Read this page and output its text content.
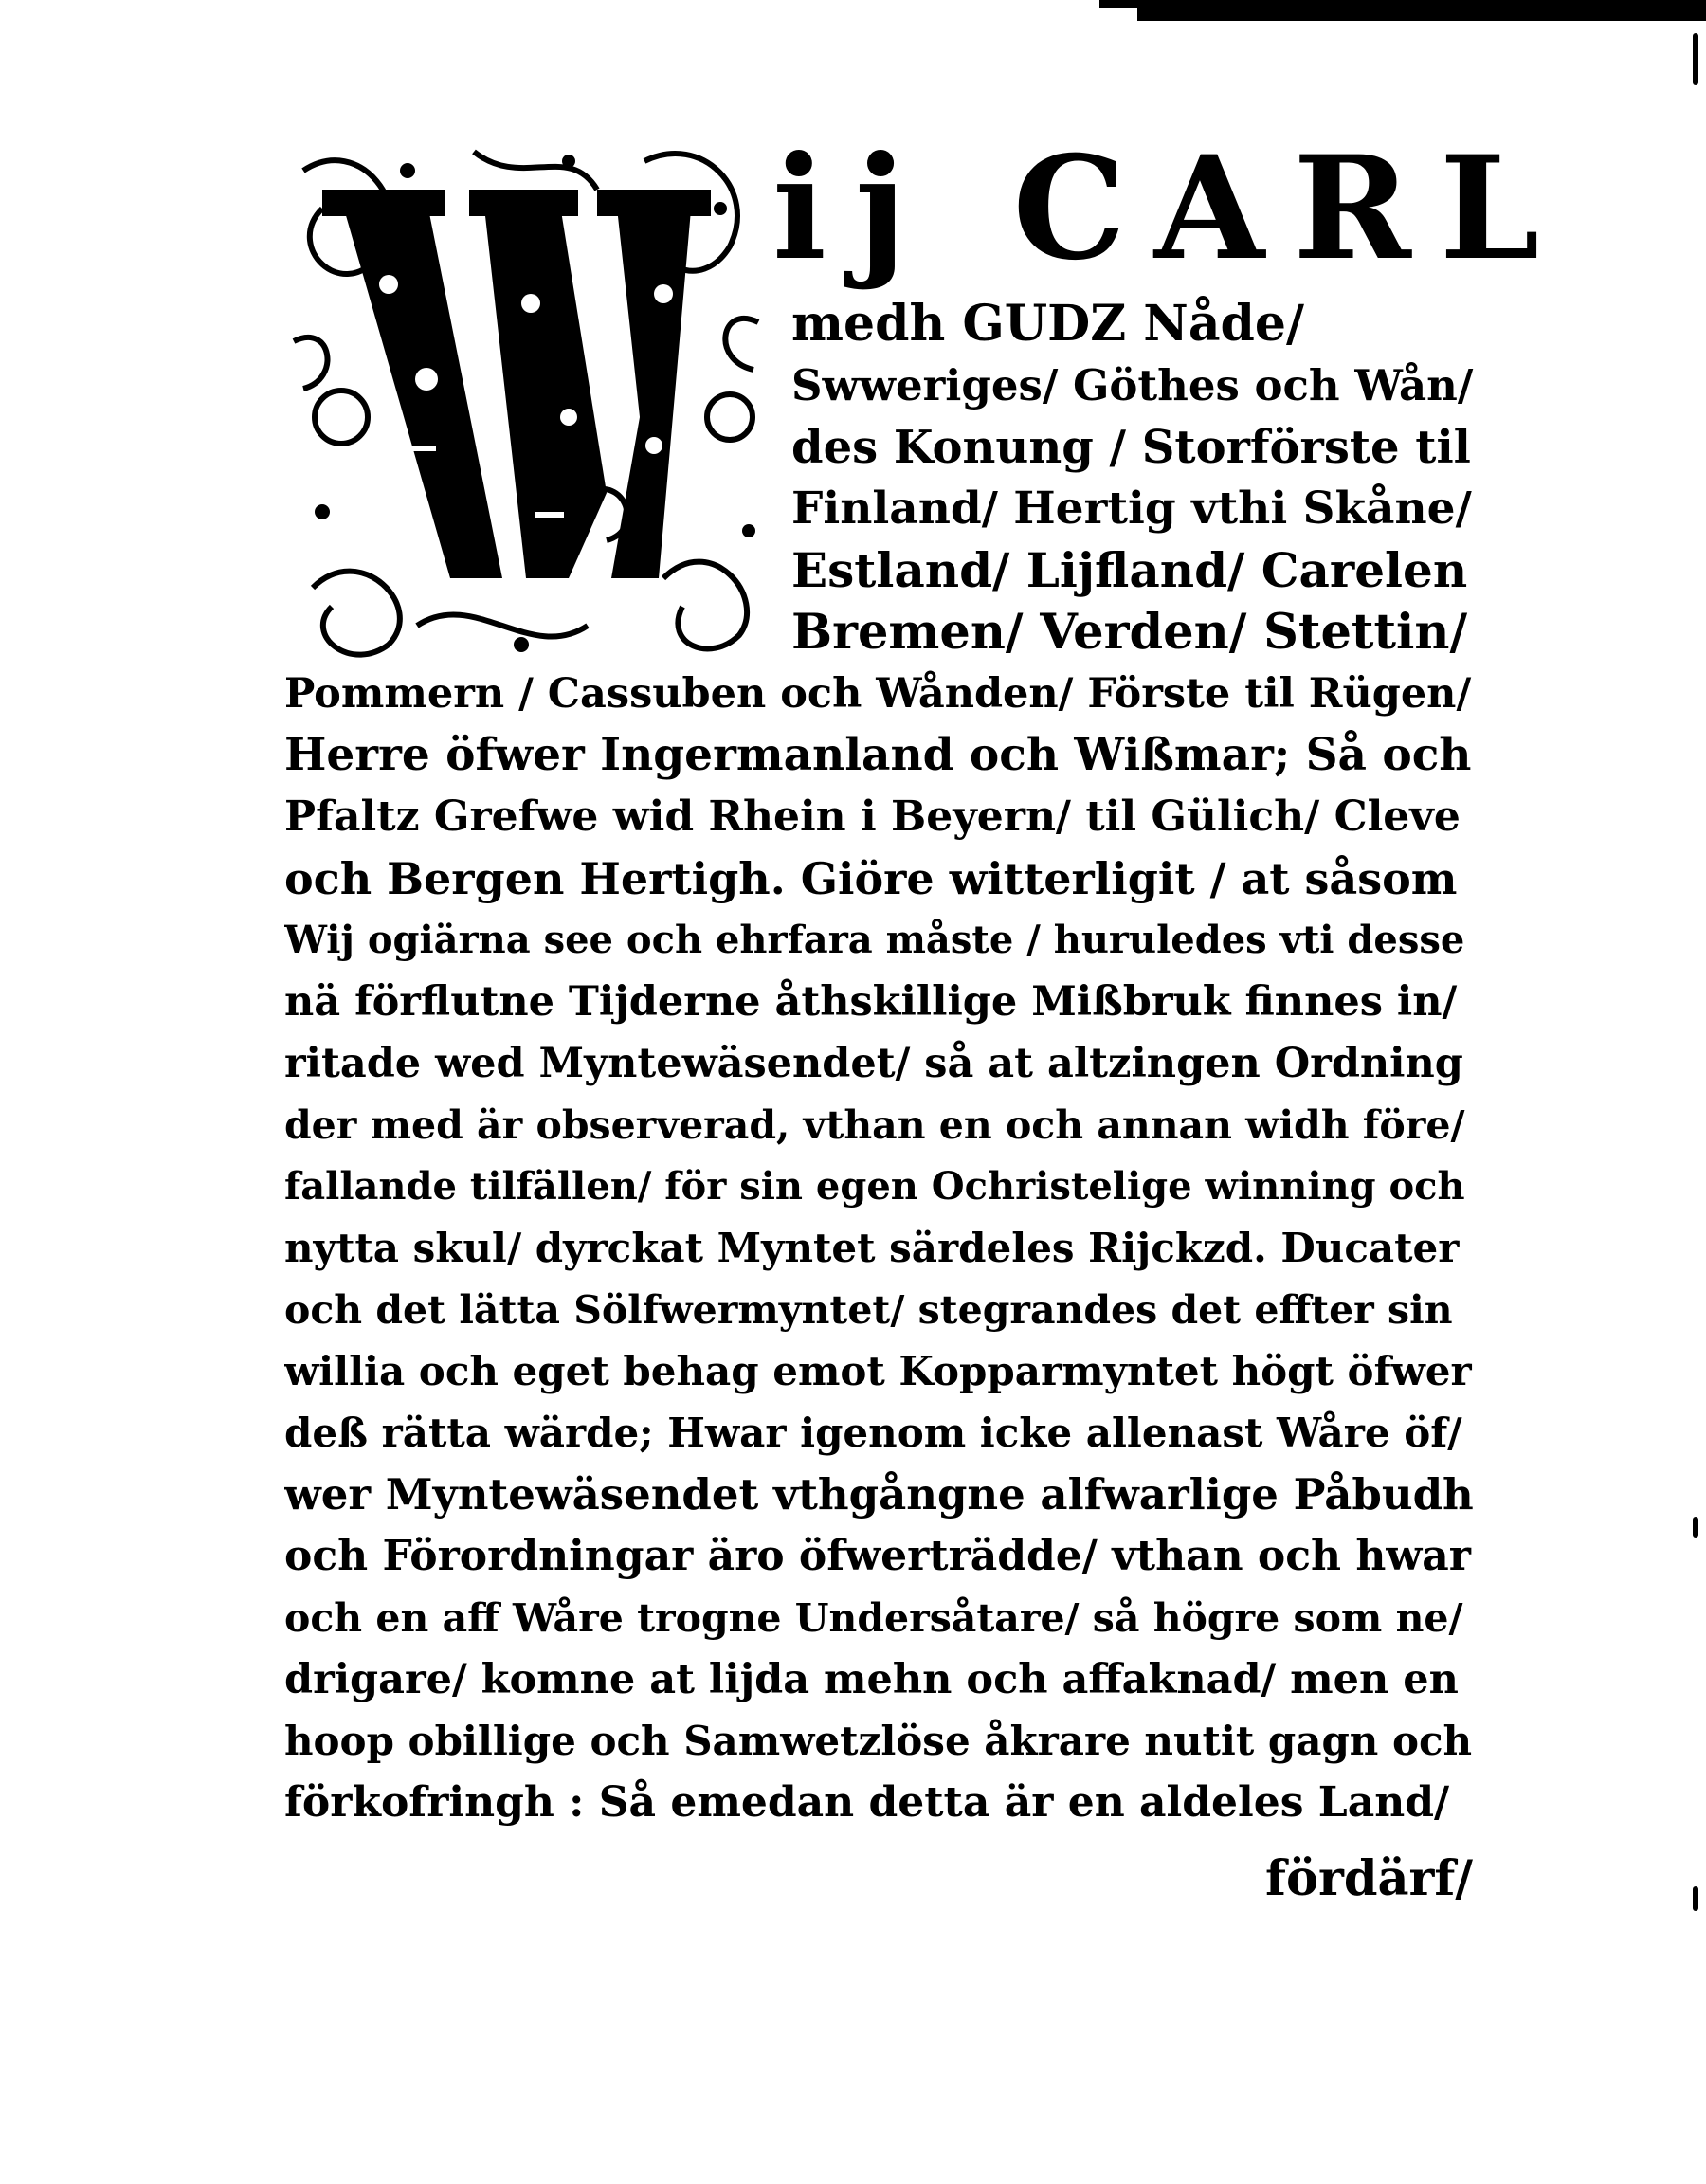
ij CARL
medh GUDZ Nåde/
Swweriges/ Göthes och Wån/
des Konung / Storförste til
Finland/ Hertig vthi Skåne/
Estland/ Lijfland/ Carelen
Bremen/ Verden/ Stettin/
Pommern / Cassuben och Wånden/ Förste til Rügen/
Herre öfwer Ingermanland och Wißmar; Så och
Pfaltz Grefwe wid Rhein i Beyern/ til Gülich/ Cleve
och Bergen Hertigh. Giöre witterligit / at såsom
Wij ogiärna see och ehrfara måste / huruledes vti desse
nä förflutne Tijderne åthskillige Mißbruk finnes in/
ritade wed Myntewäsendet/ så at altzingen Ordning
der med är observerad, vthan en och annan widh före/
fallande tilfällen/ för sin egen Ochristelige winning och
nytta skul/ dyrckat Myntet särdeles Rijckzd. Ducater
och det lätta Sölfwermyntet/ stegrandes det effter sin
willia och eget behag emot Kopparmyntet högt öfwer
deß rätta wärde; Hwar igenom icke allenast Wåre öf/
wer Myntewäsendet vthgångne alfwarlige Påbudh
och Förordningar äro öfwerträdde/ vthan och hwar
och en aff Wåre trogne Undersåtare/ så högre som ne/
drigare/ komne at lijda mehn och affaknad/ men en
hoop obillige och Samwetzlöse åkrare nutit gagn och
förkofringh : Så emedan detta är en aldeles Land/
fördärf/
